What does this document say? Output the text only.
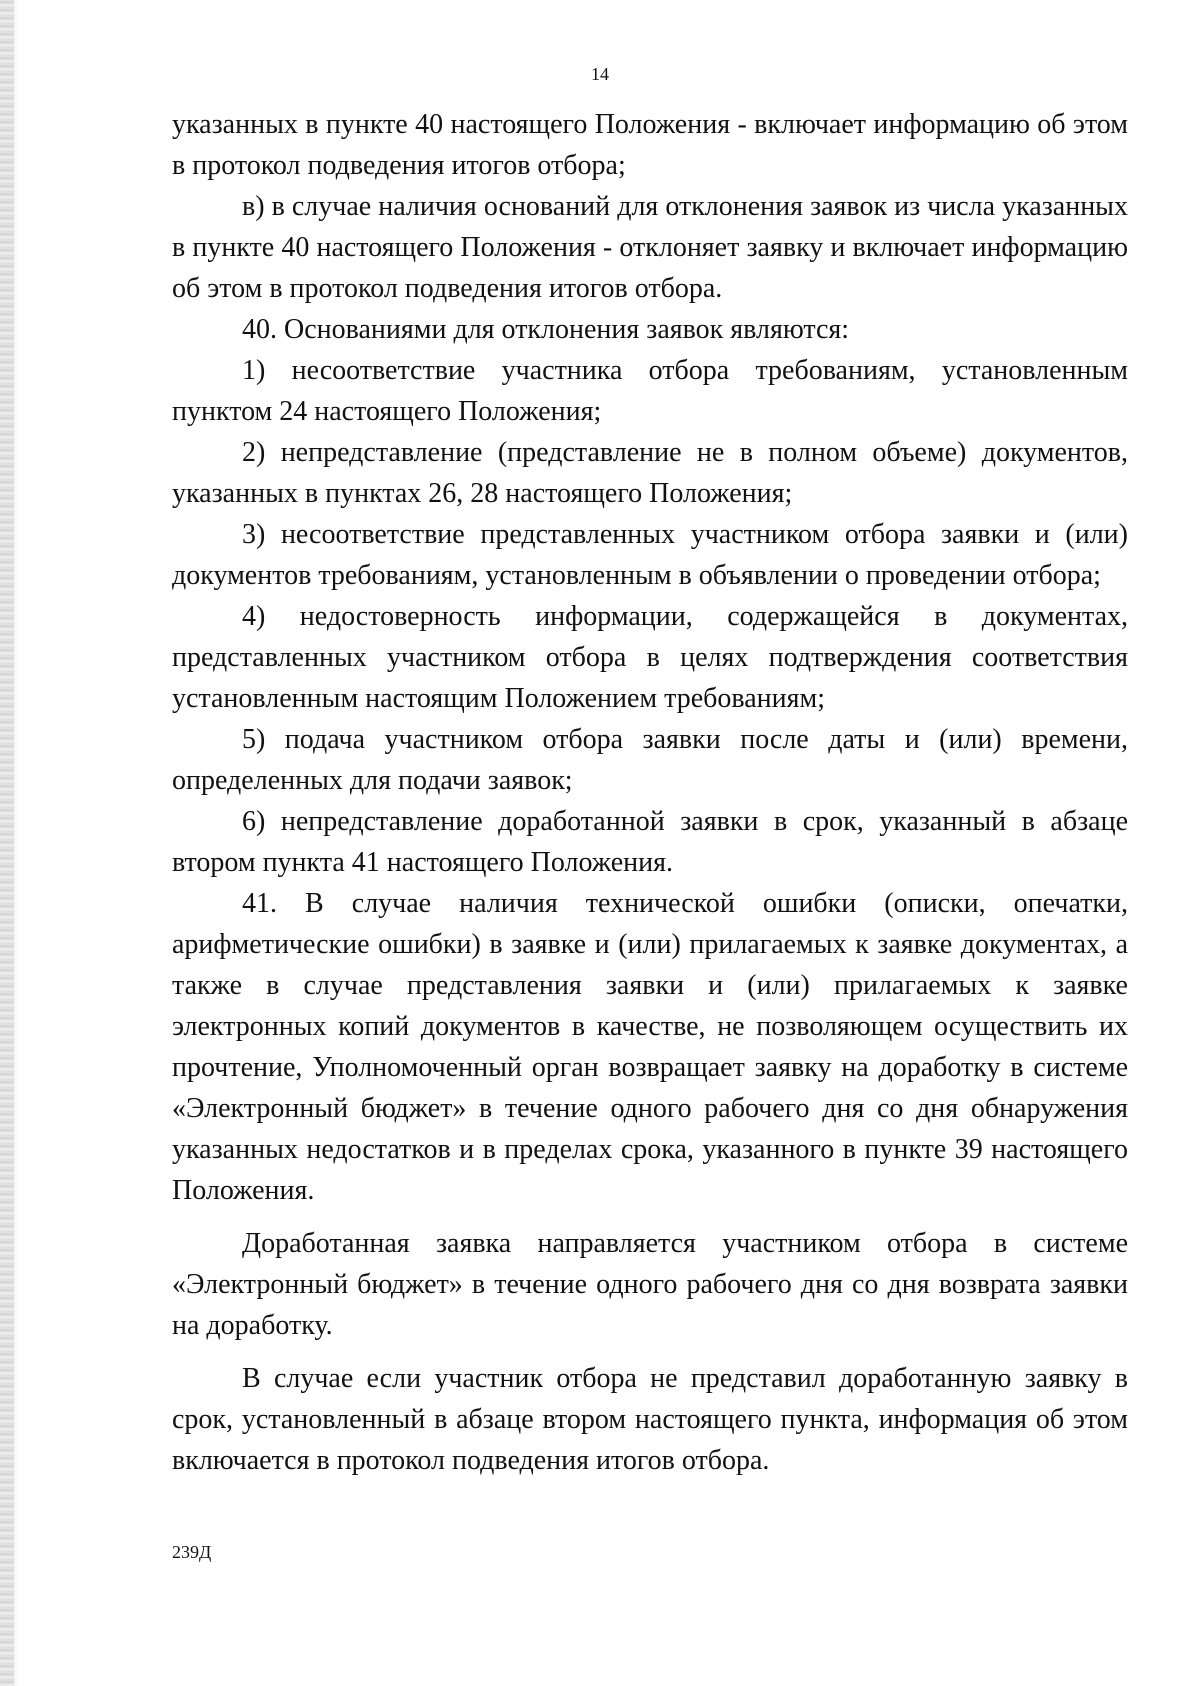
14

указанных в пункте 40 настоящего Положения - включает информацию об этом в протокол подведения итогов отбора;

в) в случае наличия оснований для отклонения заявок из числа указанных в пункте 40 настоящего Положения - отклоняет заявку и включает информацию об этом в протокол подведения итогов отбора.

40. Основаниями для отклонения заявок являются:

1) несоответствие участника отбора требованиям, установленным пунктом 24 настоящего Положения;

2) непредставление (представление не в полном объеме) документов, указанных в пунктах 26, 28 настоящего Положения;

3) несоответствие представленных участником отбора заявки и (или) документов требованиям, установленным в объявлении о проведении отбора;

4) недостоверность информации, содержащейся в документах, представленных участником отбора в целях подтверждения соответствия установленным настоящим Положением требованиям;

5) подача участником отбора заявки после даты и (или) времени, определенных для подачи заявок;

6) непредставление доработанной заявки в срок, указанный в абзаце втором пункта 41 настоящего Положения.

41. В случае наличия технической ошибки (описки, опечатки, арифметические ошибки) в заявке и (или) прилагаемых к заявке документах, а также в случае представления заявки и (или) прилагаемых к заявке электронных копий документов в качестве, не позволяющем осуществить их прочтение, Уполномоченный орган возвращает заявку на доработку в системе «Электронный бюджет» в течение одного рабочего дня со дня обнаружения указанных недостатков и в пределах срока, указанного в пункте 39 настоящего Положения.

Доработанная заявка направляется участником отбора в системе «Электронный бюджет» в течение одного рабочего дня со дня возврата заявки на доработку.

В случае если участник отбора не представил доработанную заявку в срок, установленный в абзаце втором настоящего пункта, информация об этом включается в протокол подведения итогов отбора.

239Д
